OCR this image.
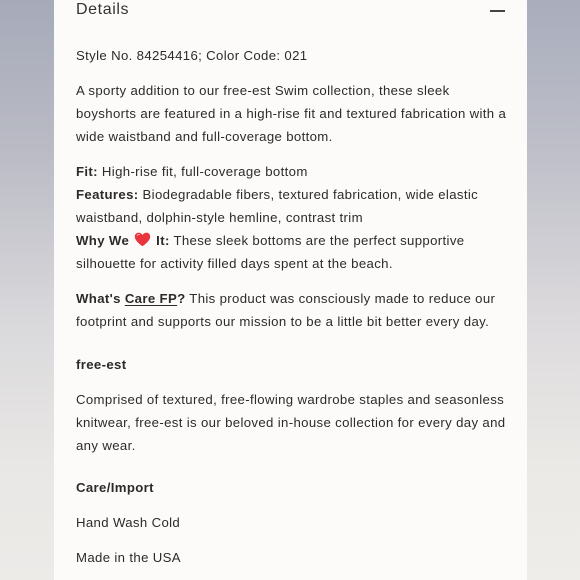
Details

Style No. 84254416; Color Code: 021

A sporty addition to our free-est Swim collection, these sleek boyshorts are featured in a high-rise fit and textured fabrication with a wide waistband and full-coverage bottom.

Fit: High-rise fit, full-coverage bottom

Features: Biodegradable fibers, textured fabrication, wide elastic waistband, dolphin-style hemline, contrast trim

Why We
It: These sleek bottoms are the perfect supportive silhouette for activity filled days spent at the beach.

What's Care FP? This product was consciously made to reduce our footprint and supports our mission to be a little bit better every day.

free-est

Comprised of textured, free-flowing wardrobe staples and seasonless knitwear, free-est is our beloved in-house collection for every day and any wear.

Care/Import

Hand Wash Cold

Made in the USA
